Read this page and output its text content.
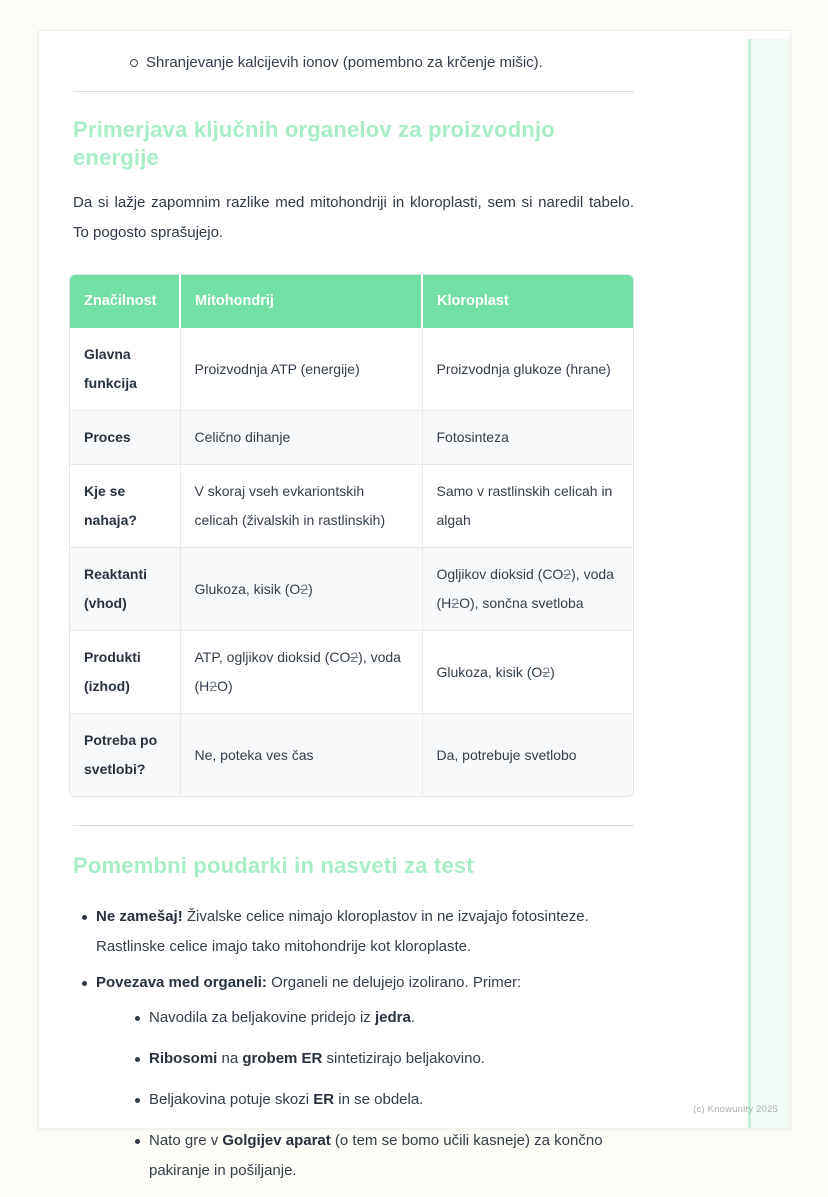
Shranjevanje kalcijevih ionov (pomembno za krčenje mišic).
Primerjava ključnih organelov za proizvodnjo energije

Da si lažje zapomnim razlike med mitohondriji in kloroplasti, sem si naredil tabelo. To pogosto sprašujejo.

Značilnost	Mitohondrij	Kloroplast
Glavna funkcija	Proizvodnja ATP (energije)	Proizvodnja glukoze (hrane)
Proces	Celično dihanje	Fotosinteza
Kje se nahaja?	V skoraj vseh evkariontskih celicah (živalskih in rastlinskih)	Samo v rastlinskih celicah in algah
Reaktanti (vhod)	Glukoza, kisik (O2)	Ogljikov dioksid (CO2), voda (H2O), sončna svetloba
Produkti (izhod)	ATP, ogljikov dioksid (CO2), voda (H2O)	Glukoza, kisik (O2)
Potreba po svetlobi?	Ne, poteka ves čas	Da, potrebuje svetlobo
Pomembni poudarki in nasveti za test
Ne zamešaj! Živalske celice nimajo kloroplastov in ne izvajajo fotosinteze. Rastlinske celice imajo tako mitohondrije kot kloroplaste.
Povezava med organeli: Organeli ne delujejo izolirano. Primer:
Navodila za beljakovine pridejo iz jedra.
Ribosomi na grobem ER sintetizirajo beljakovino.
Beljakovina potuje skozi ER in se obdela.
Nato gre v Golgijev aparat (o tem se bomo učili kasneje) za končno pakiranje in pošiljanje.
(c) Knowunity 2025
